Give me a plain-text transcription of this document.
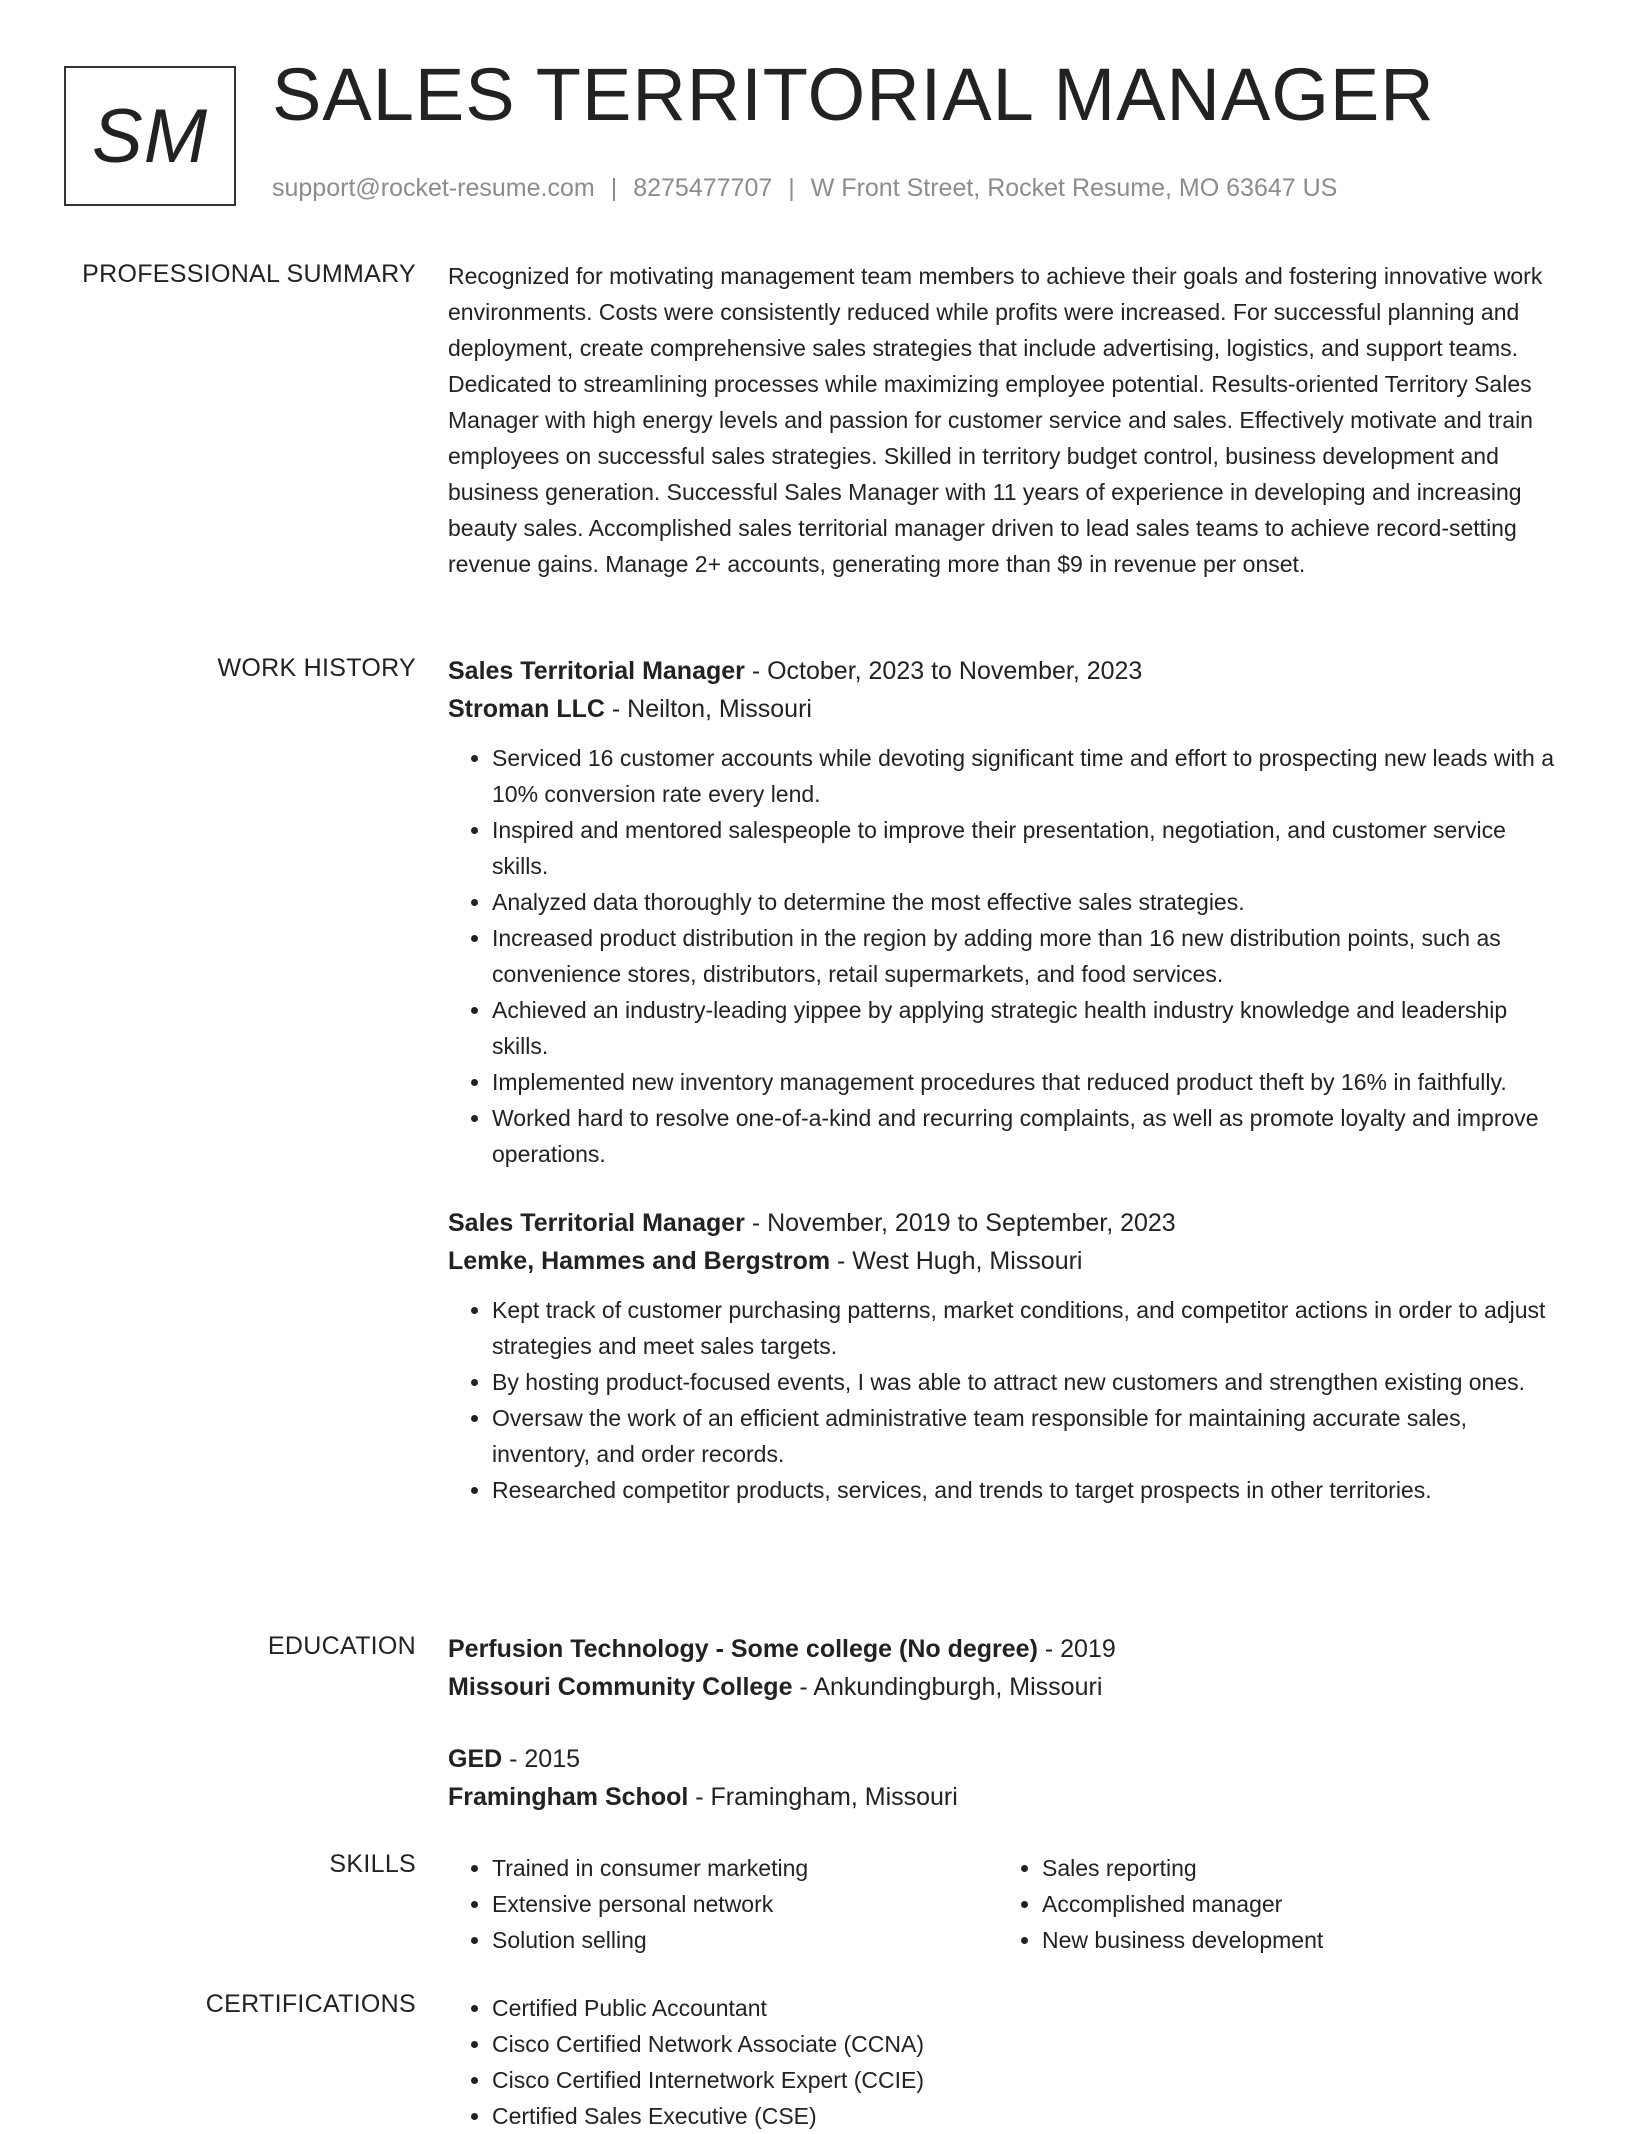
SM SALES TERRITORIAL MANAGER
support@rocket-resume.com | 8275477707 | W Front Street, Rocket Resume, MO 63647 US
PROFESSIONAL SUMMARY Recognized for motivating management team members to achieve their goals and fostering innovative work environments. Costs were consistently reduced while profits were increased. For successful planning and deployment, create comprehensive sales strategies that include advertising, logistics, and support teams. Dedicated to streamlining processes while maximizing employee potential. Results-oriented Territory Sales Manager with high energy levels and passion for customer service and sales. Effectively motivate and train employees on successful sales strategies. Skilled in territory budget control, business development and business generation. Successful Sales Manager with 11 years of experience in developing and increasing beauty sales. Accomplished sales territorial manager driven to lead sales teams to achieve record-setting revenue gains. Manage 2+ accounts, generating more than $9 in revenue per onset.

WORK HISTORY Sales Territorial Manager - October, 2023 to November, 2023
Stroman LLC - Neilton, Missouri
• Serviced 16 customer accounts while devoting significant time and effort to prospecting new leads with a 10% conversion rate every lend.
• Inspired and mentored salespeople to improve their presentation, negotiation, and customer service skills.
• Analyzed data thoroughly to determine the most effective sales strategies.
• Increased product distribution in the region by adding more than 16 new distribution points, such as convenience stores, distributors, retail supermarkets, and food services.
• Achieved an industry-leading yippee by applying strategic health industry knowledge and leadership skills.
• Implemented new inventory management procedures that reduced product theft by 16% in faithfully.
• Worked hard to resolve one-of-a-kind and recurring complaints, as well as promote loyalty and improve operations.
Sales Territorial Manager - November, 2019 to September, 2023
Lemke, Hammes and Bergstrom - West Hugh, Missouri
• Kept track of customer purchasing patterns, market conditions, and competitor actions in order to adjust strategies and meet sales targets.
• By hosting product-focused events, I was able to attract new customers and strengthen existing ones.
• Oversaw the work of an efficient administrative team responsible for maintaining accurate sales, inventory, and order records.
• Researched competitor products, services, and trends to target prospects in other territories.
EDUCATION Perfusion Technology - Some college (No degree) - 2019
Missouri Community College - Ankundingburgh, Missouri
GED - 2015
Framingham School - Framingham, Missouri
SKILLS	• Trained in consumer marketing
• Extensive personal network
• Solution selling
• Sales reporting
• Accomplished manager
• New business development
CERTIFICATIONS	• Certified Public Accountant
• Cisco Certified Network Associate (CCNA)
• Cisco Certified Internetwork Expert (CCIE)
• Certified Sales Executive (CSE)
